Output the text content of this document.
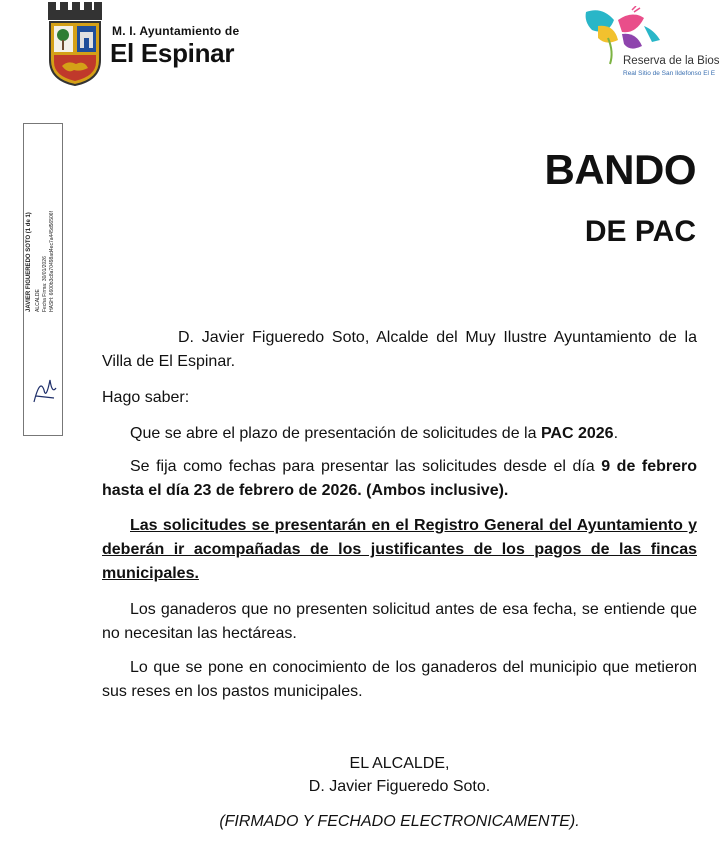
M. I. Ayuntamiento de
El Espinar	Reserva de la Bios
Real Sitio de San Ildefonso El E
JAVIER FIGUEREDO SOTO (1 de 1) ALCALDE Fecha Firma: 30/01/2026 HASH: 6600b3c8a70498ad4ec7a445d56506f
BANDO
DE PAC
D. Javier Figueredo Soto, Alcalde del Muy Ilustre Ayuntamiento de la Villa de El Espinar.
Hago saber:
Que se abre el plazo de presentación de solicitudes de la PAC 2026.
Se fija como fechas para presentar las solicitudes desde el día 9 de febrero hasta el día 23 de febrero de 2026. (Ambos inclusive).
Las solicitudes se presentarán en el Registro General del Ayuntamiento y deberán ir acompañadas de los justificantes de los pagos de las fincas municipales.
Los ganaderos que no presenten solicitud antes de esa fecha, se entiende que no necesitan las hectáreas.
Lo que se pone en conocimiento de los ganaderos del municipio que metieron sus reses en los pastos municipales.
EL ALCALDE,
D. Javier Figueredo Soto.
(FIRMADO Y FECHADO ELECTRONICAMENTE).
